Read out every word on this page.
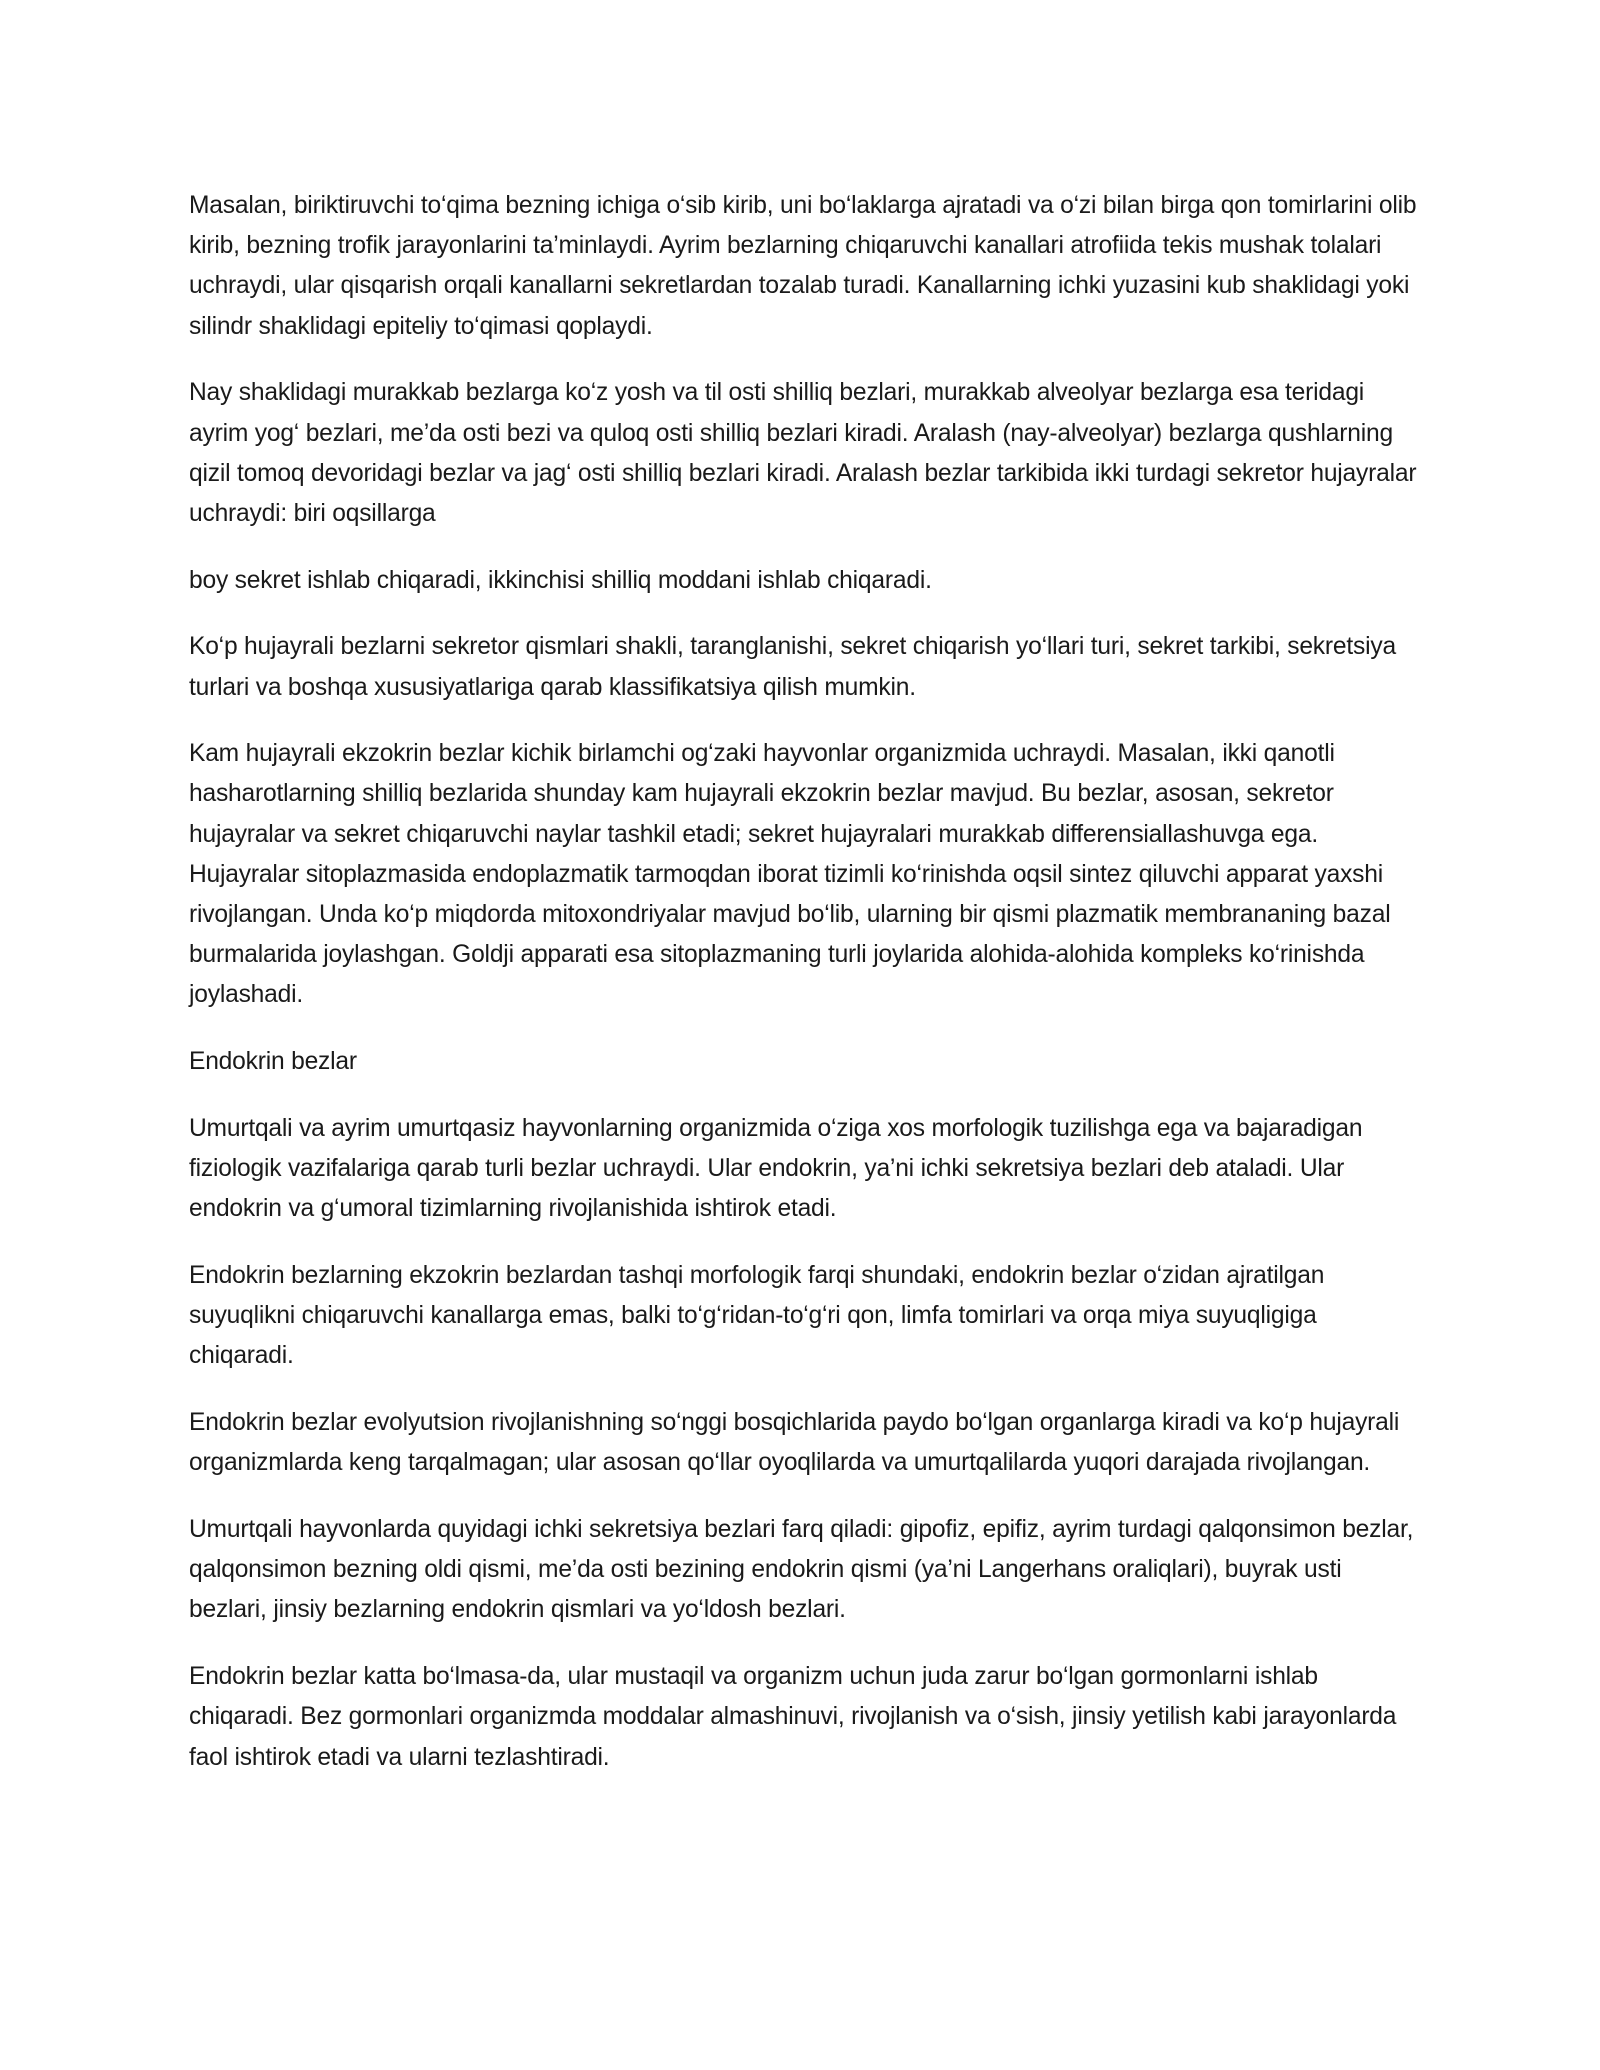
Masalan, biriktiruvchi to‘qima bezning ichiga o‘sib kirib, uni bo‘laklarga ajratadi va o‘zi bilan birga qon tomirlarini olib kirib, bezning trofik jarayonlarini ta’minlaydi. Ayrim bezlarning chiqaruvchi kanallari atrofiida tekis mushak tolalari uchraydi, ular qisqarish orqali kanallarni sekretlardan tozalab turadi. Kanallarning ichki yuzasini kub shaklidagi yoki silindr shaklidagi epiteliy to‘qimasi qoplaydi.

Nay shaklidagi murakkab bezlarga ko‘z yosh va til osti shilliq bezlari, murakkab alveolyar bezlarga esa teridagi ayrim yog‘ bezlari, me’da osti bezi va quloq osti shilliq bezlari kiradi. Aralash (nay-alveolyar) bezlarga qushlarning qizil tomoq devoridagi bezlar va jag‘ osti shilliq bezlari kiradi. Aralash bezlar tarkibida ikki turdagi sekretor hujayralar uchraydi: biri oqsillarga

boy sekret ishlab chiqaradi, ikkinchisi shilliq moddani ishlab chiqaradi.

Ko‘p hujayrali bezlarni sekretor qismlari shakli, taranglanishi, sekret chiqarish yo‘llari turi, sekret tarkibi, sekretsiya turlari va boshqa xususiyatlariga qarab klassifikatsiya qilish mumkin.

Kam hujayrali ekzokrin bezlar kichik birlamchi og‘zaki hayvonlar organizmida uchraydi. Masalan, ikki qanotli hasharotlarning shilliq bezlarida shunday kam hujayrali ekzokrin bezlar mavjud. Bu bezlar, asosan, sekretor hujayralar va sekret chiqaruvchi naylar tashkil etadi; sekret hujayralari murakkab differensiallashuvga ega. Hujayralar sitoplazmasida endoplazmatik tarmoqdan iborat tizimli ko‘rinishda oqsil sintez qiluvchi apparat yaxshi rivojlangan. Unda ko‘p miqdorda mitoxondriyalar mavjud bo‘lib, ularning bir qismi plazmatik membrananing bazal burmalarida joylashgan. Goldji apparati esa sitoplazmaning turli joylarida alohida-alohida kompleks ko‘rinishda joylashadi.

Endokrin bezlar

Umurtqali va ayrim umurtqasiz hayvonlarning organizmida o‘ziga xos morfologik tuzilishga ega va bajaradigan fiziologik vazifalariga qarab turli bezlar uchraydi. Ular endokrin, ya’ni ichki sekretsiya bezlari deb ataladi. Ular endokrin va g‘umoral tizimlarning rivojlanishida ishtirok etadi.

Endokrin bezlarning ekzokrin bezlardan tashqi morfologik farqi shundaki, endokrin bezlar o‘zidan ajratilgan suyuqlikni chiqaruvchi kanallarga emas, balki to‘g‘ridan-to‘g‘ri qon, limfa tomirlari va orqa miya suyuqligiga chiqaradi.

Endokrin bezlar evolyutsion rivojlanishning so‘nggi bosqichlarida paydo bo‘lgan organlarga kiradi va ko‘p hujayrali organizmlarda keng tarqalmagan; ular asosan qo‘llar oyoqlilarda va umurtqalilarda yuqori darajada rivojlangan.

Umurtqali hayvonlarda quyidagi ichki sekretsiya bezlari farq qiladi: gipofiz, epifiz, ayrim turdagi qalqonsimon bezlar, qalqonsimon bezning oldi qismi, me’da osti bezining endokrin qismi (ya’ni Langerhans oraliqlari), buyrak usti bezlari, jinsiy bezlarning endokrin qismlari va yo‘ldosh bezlari.

Endokrin bezlar katta bo‘lmasa-da, ular mustaqil va organizm uchun juda zarur bo‘lgan gormonlarni ishlab chiqaradi. Bez gormonlari organizmda moddalar almashinuvi, rivojlanish va o‘sish, jinsiy yetilish kabi jarayonlarda faol ishtirok etadi va ularni tezlashtiradi.
